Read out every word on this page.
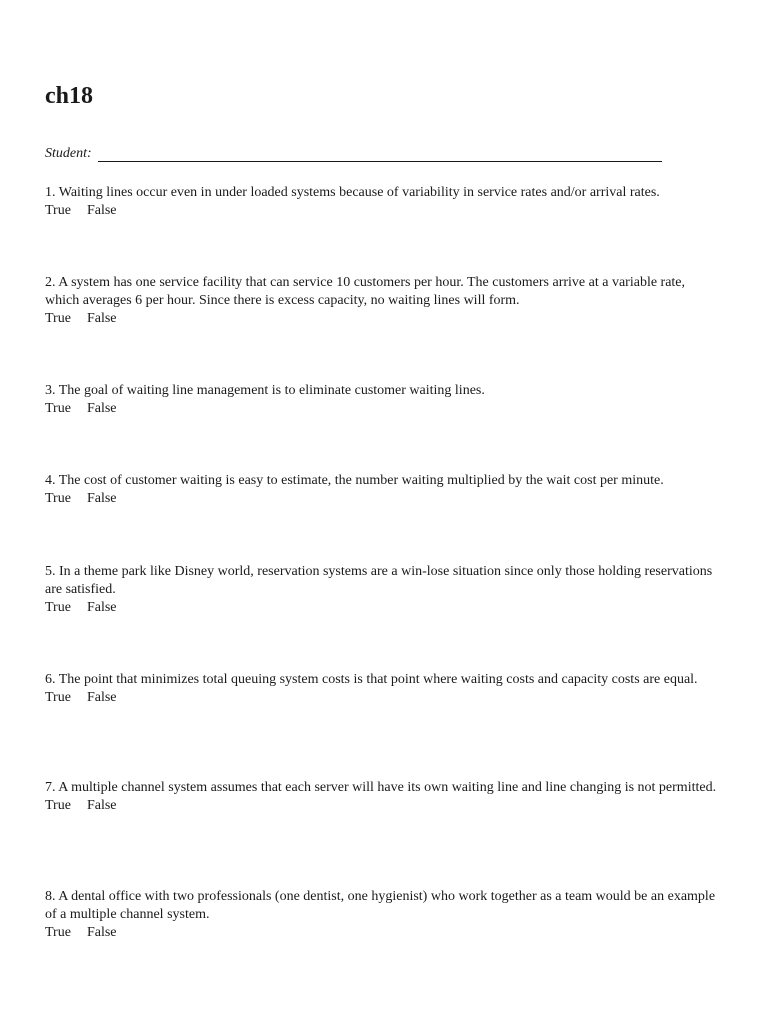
ch18
Student:

1. Waiting lines occur even in under loaded systems because of variability in service rates and/or arrival rates.

True False

2. A system has one service facility that can service 10 customers per hour. The customers arrive at a variable rate, which averages 6 per hour. Since there is excess capacity, no waiting lines will form.

True False

3. The goal of waiting line management is to eliminate customer waiting lines.

True False

4. The cost of customer waiting is easy to estimate, the number waiting multiplied by the wait cost per minute.

True False

5. In a theme park like Disney world, reservation systems are a win-lose situation since only those holding reservations are satisfied.

True False

6. The point that minimizes total queuing system costs is that point where waiting costs and capacity costs are equal.

True False

7. A multiple channel system assumes that each server will have its own waiting line and line changing is not permitted.

True False

8. A dental office with two professionals (one dentist, one hygienist) who work together as a team would be an example of a multiple channel system.

True False
